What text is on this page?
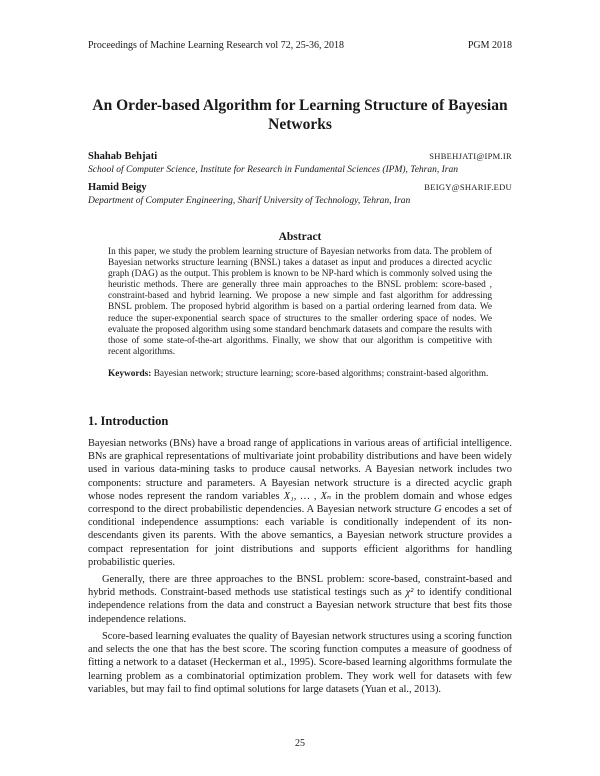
Proceedings of Machine Learning Research vol 72, 25-36, 2018	PGM 2018
An Order-based Algorithm for Learning Structure of Bayesian Networks
Shahab Behjati	SHBEHJATI@IPM.IR
School of Computer Science, Institute for Research in Fundamental Sciences (IPM), Tehran, Iran
Hamid Beigy	BEIGY@SHARIF.EDU
Department of Computer Engineering, Sharif University of Technology, Tehran, Iran
Abstract

In this paper, we study the problem learning structure of Bayesian networks from data. The problem of Bayesian networks structure learning (BNSL) takes a dataset as input and produces a directed acyclic graph (DAG) as the output. This problem is known to be NP-hard which is commonly solved using the heuristic methods. There are generally three main approaches to the BNSL problem: score-based , constraint-based and hybrid learning. We propose a new simple and fast algorithm for addressing BNSL problem. The proposed hybrid algorithm is based on a partial ordering learned from data. We reduce the super-exponential search space of structures to the smaller ordering space of nodes. We evaluate the proposed algorithm using some standard benchmark datasets and compare the results with those of some state-of-the-art algorithms. Finally, we show that our algorithm is competitive with recent algorithms.

Keywords: Bayesian network; structure learning; score-based algorithms; constraint-based algorithm.

1. Introduction

Bayesian networks (BNs) have a broad range of applications in various areas of artificial intelligence. BNs are graphical representations of multivariate joint probability distributions and have been widely used in various data-mining tasks to produce causal networks. A Bayesian network includes two components: structure and parameters. A Bayesian network structure is a directed acyclic graph whose nodes represent the random variables X₁, … , Xₙ in the problem domain and whose edges correspond to the direct probabilistic dependencies. A Bayesian network structure G encodes a set of conditional independence assumptions: each variable is conditionally independent of its non-descendants given its parents. With the above semantics, a Bayesian network structure provides a compact representation for joint distributions and supports efficient algorithms for handling probabilistic queries.

Generally, there are three approaches to the BNSL problem: score-based, constraint-based and hybrid methods. Constraint-based methods use statistical testings such as χ² to identify conditional independence relations from the data and construct a Bayesian network structure that best fits those independence relations.

Score-based learning evaluates the quality of Bayesian network structures using a scoring function and selects the one that has the best score. The scoring function computes a measure of goodness of fitting a network to a dataset (Heckerman et al., 1995). Score-based learning algorithms formulate the learning problem as a combinatorial optimization problem. They work well for datasets with few variables, but may fail to find optimal solutions for large datasets (Yuan et al., 2013).

25
